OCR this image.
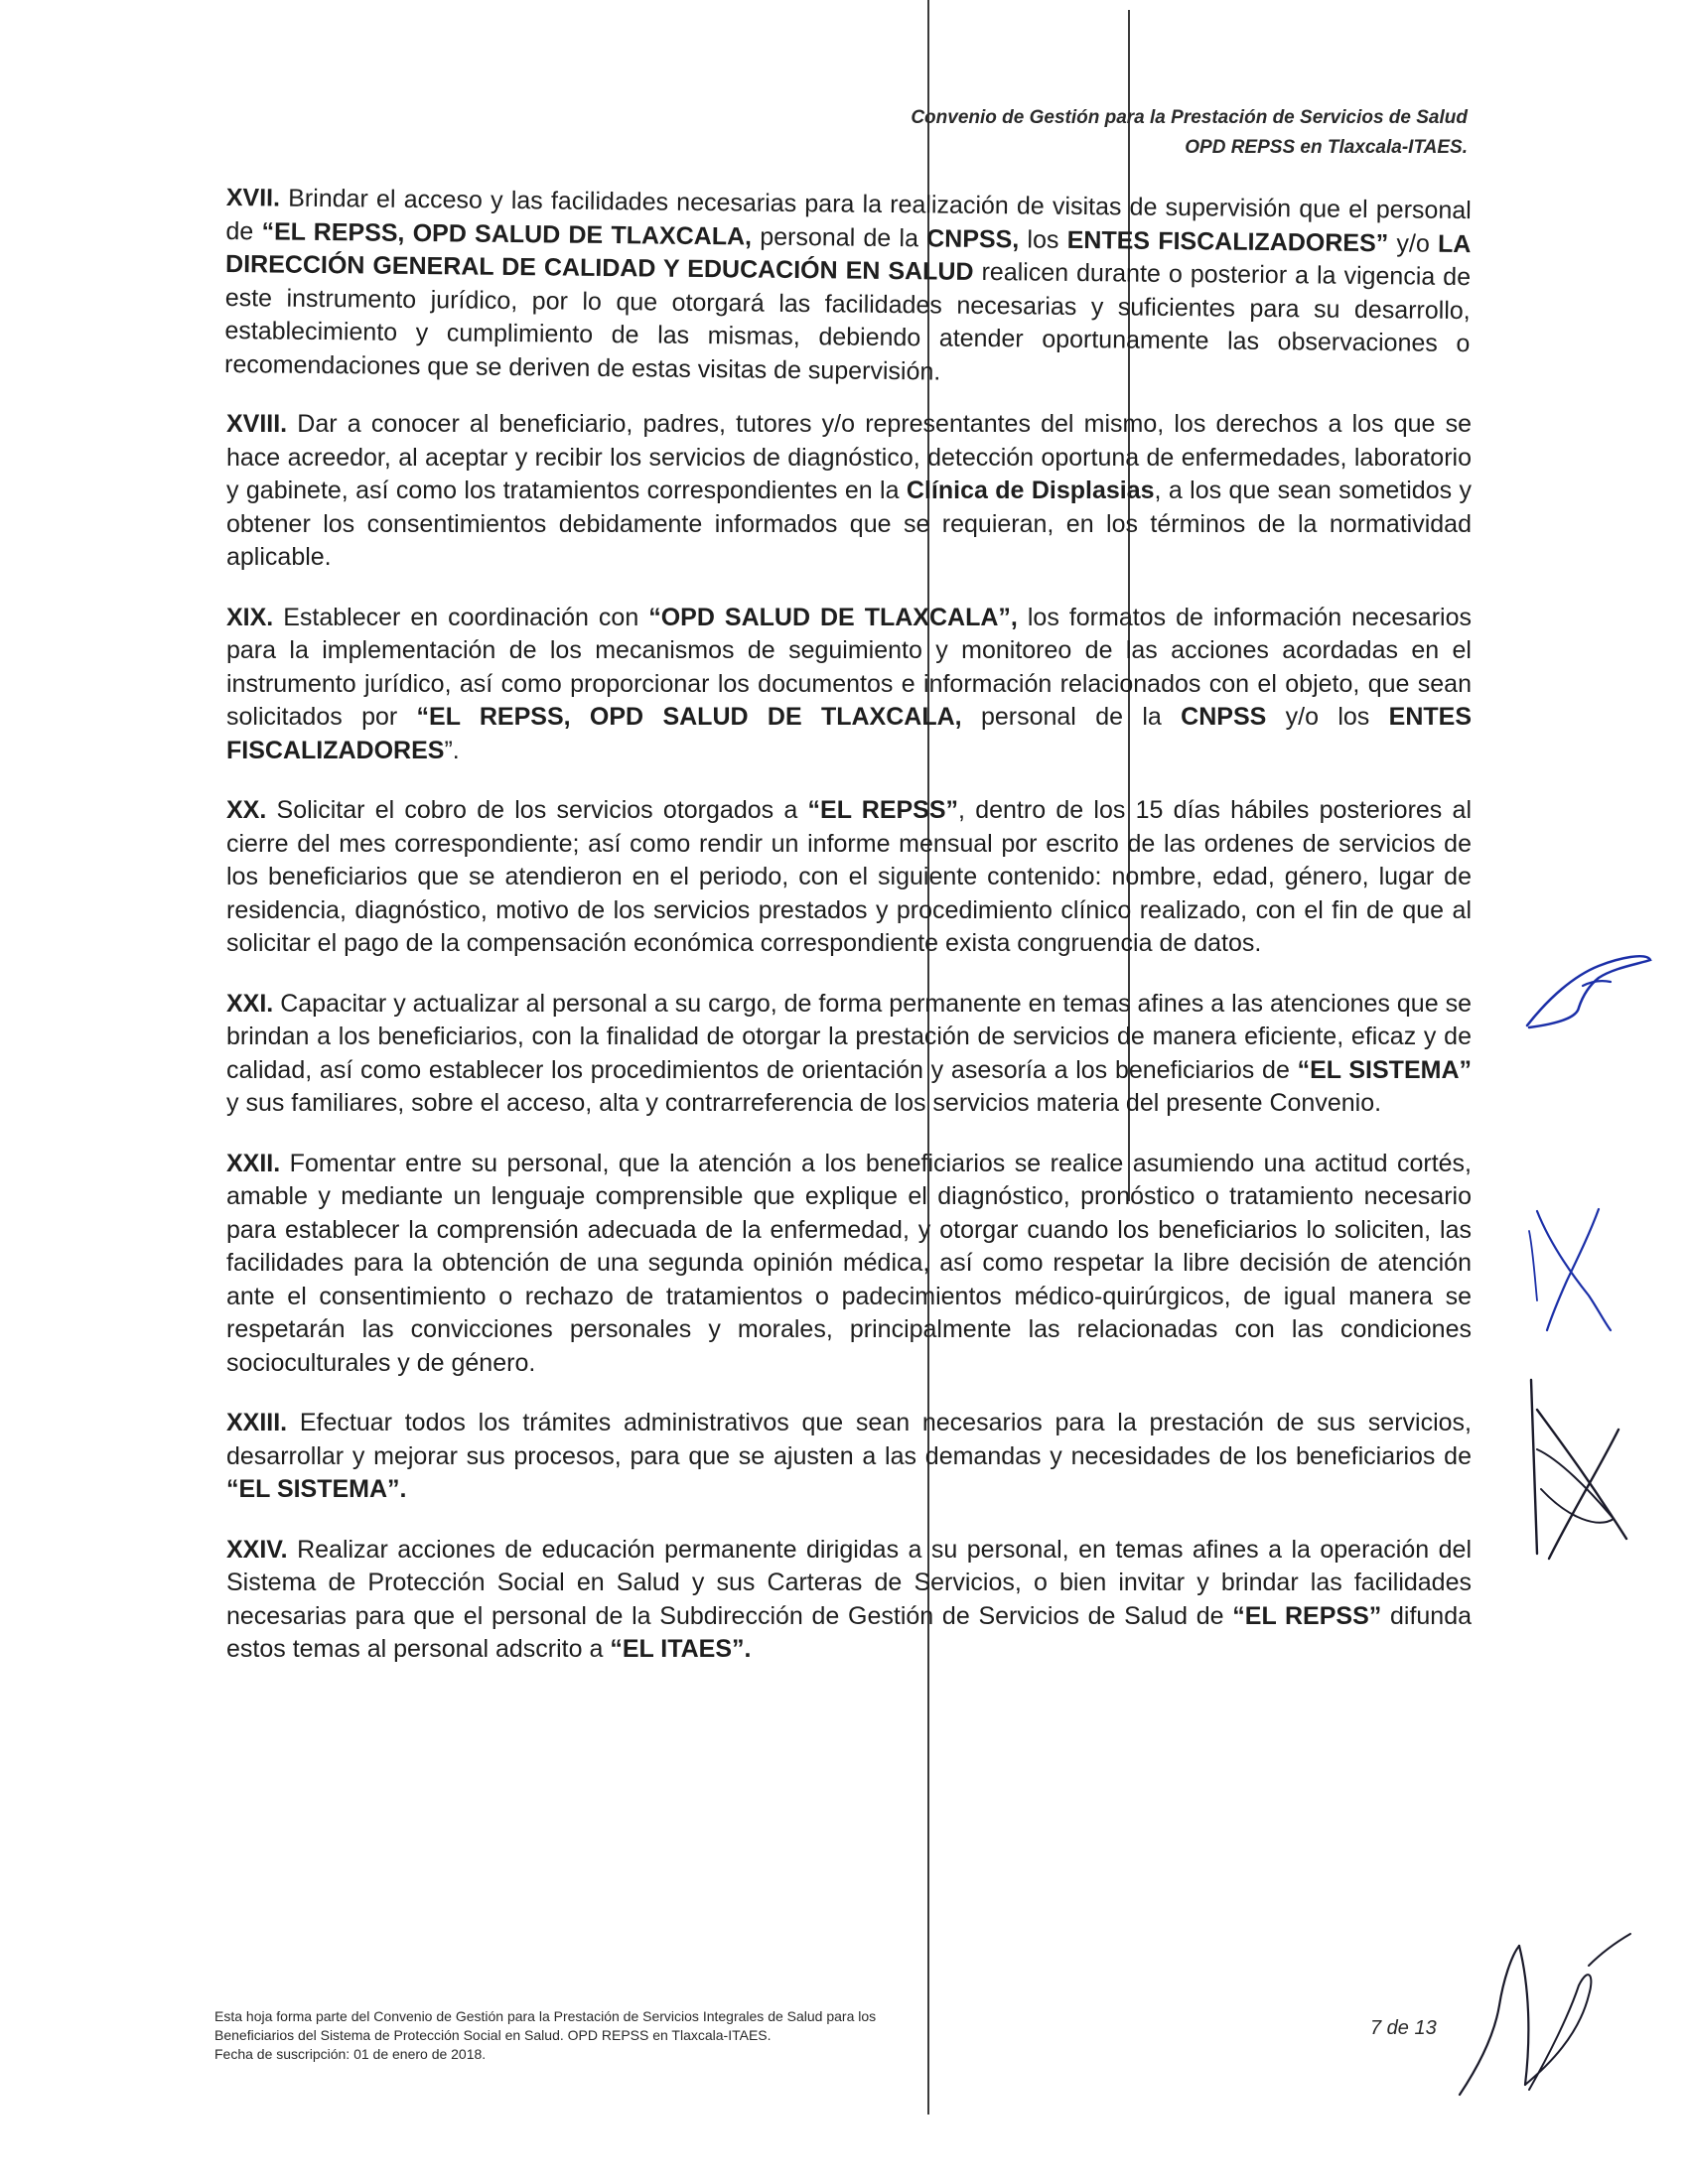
Convenio de Gestión para la Prestación de Servicios de Salud
OPD REPSS en Tlaxcala-ITAES.

XVII. Brindar el acceso y las facilidades necesarias para la realización de visitas de supervisión que el personal de “EL REPSS, OPD SALUD DE TLAXCALA, personal de la CNPSS, los ENTES FISCALIZADORES” y/o LA DIRECCIÓN GENERAL DE CALIDAD Y EDUCACIÓN EN SALUD realicen durante o posterior a la vigencia de este instrumento jurídico, por lo que otorgará las facilidades necesarias y suficientes para su desarrollo, establecimiento y cumplimiento de las mismas, debiendo atender oportunamente las observaciones o recomendaciones que se deriven de estas visitas de supervisión.

XVIII. Dar a conocer al beneficiario, padres, tutores y/o representantes del mismo, los derechos a los que se hace acreedor, al aceptar y recibir los servicios de diagnóstico, detección oportuna de enfermedades, laboratorio y gabinete, así como los tratamientos correspondientes en la Clínica de Displasias, a los que sean sometidos y obtener los consentimientos debidamente informados que se requieran, en los términos de la normatividad aplicable.

XIX. Establecer en coordinación con “OPD SALUD DE TLAXCALA”, los formatos de información necesarios para la implementación de los mecanismos de seguimiento y monitoreo de las acciones acordadas en el instrumento jurídico, así como proporcionar los documentos e información relacionados con el objeto, que sean solicitados por “EL REPSS, OPD SALUD DE TLAXCALA, personal de la CNPSS y/o los ENTES FISCALIZADORES”.

XX. Solicitar el cobro de los servicios otorgados a “EL REPSS”, dentro de los 15 días hábiles posteriores al cierre del mes correspondiente; así como rendir un informe mensual por escrito de las ordenes de servicios de los beneficiarios que se atendieron en el periodo, con el siguiente contenido: nombre, edad, género, lugar de residencia, diagnóstico, motivo de los servicios prestados y procedimiento clínico realizado, con el fin de que al solicitar el pago de la compensación económica correspondiente exista congruencia de datos.

XXI. Capacitar y actualizar al personal a su cargo, de forma permanente en temas afines a las atenciones que se brindan a los beneficiarios, con la finalidad de otorgar la prestación de servicios de manera eficiente, eficaz y de calidad, así como establecer los procedimientos de orientación y asesoría a los beneficiarios de “EL SISTEMA” y sus familiares, sobre el acceso, alta y contrarreferencia de los servicios materia del presente Convenio.

XXII. Fomentar entre su personal, que la atención a los beneficiarios se realice asumiendo una actitud cortés, amable y mediante un lenguaje comprensible que explique el diagnóstico, pronóstico o tratamiento necesario para establecer la comprensión adecuada de la enfermedad, y otorgar cuando los beneficiarios lo soliciten, las facilidades para la obtención de una segunda opinión médica, así como respetar la libre decisión de atención ante el consentimiento o rechazo de tratamientos o padecimientos médico-quirúrgicos, de igual manera se respetarán las convicciones personales y morales, principalmente las relacionadas con las condiciones socioculturales y de género.

XXIII. Efectuar todos los trámites administrativos que sean necesarios para la prestación de sus servicios, desarrollar y mejorar sus procesos, para que se ajusten a las demandas y necesidades de los beneficiarios de “EL SISTEMA”.

XXIV. Realizar acciones de educación permanente dirigidas a su personal, en temas afines a la operación del Sistema de Protección Social en Salud y sus Carteras de Servicios, o bien invitar y brindar las facilidades necesarias para que el personal de la Subdirección de Gestión de Servicios de Salud de “EL REPSS” difunda estos temas al personal adscrito a “EL ITAES”.

Esta hoja forma parte del Convenio de Gestión para la Prestación de Servicios Integrales de Salud para los
Beneficiarios del Sistema de Protección Social en Salud. OPD REPSS en Tlaxcala-ITAES.
Fecha de suscripción: 01 de enero de 2018.
7 de 13
